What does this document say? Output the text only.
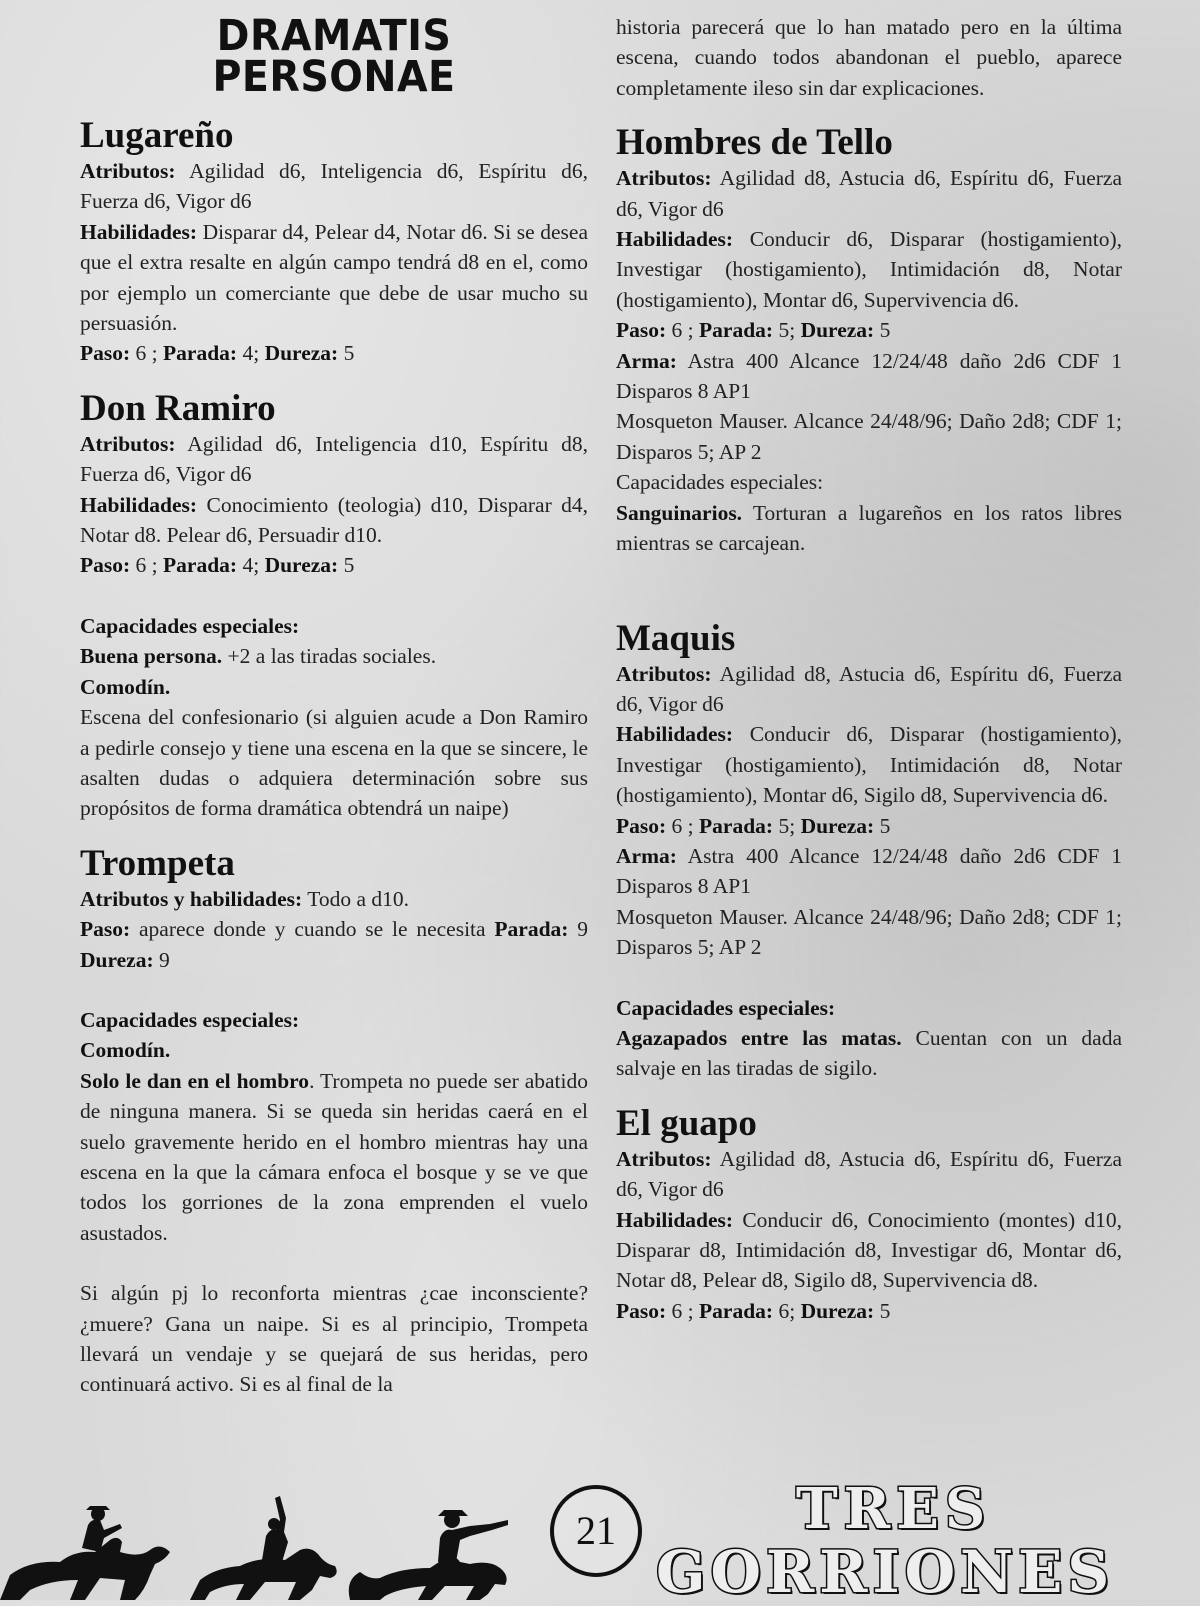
DRAMATIS
PERSONAE
Lugareño

Atributos: Agilidad d6, Inteligencia d6, Espíritu d6, Fuerza d6, Vigor d6

Habilidades: Disparar d4, Pelear d4, Notar d6. Si se desea que el extra resalte en algún campo tendrá d8 en el, como por ejemplo un comerciante que debe de usar mucho su persuasión.

Paso: 6 ; Parada: 4; Dureza: 5

Don Ramiro

Atributos: Agilidad d6, Inteligencia d10, Espíritu d8, Fuerza d6, Vigor d6

Habilidades: Conocimiento (teologia) d10, Disparar d4, Notar d8. Pelear d6, Persuadir d10.

Paso: 6 ; Parada: 4; Dureza: 5

Capacidades especiales:

Buena persona. +2 a las tiradas sociales.

Comodín.

Escena del confesionario (si alguien acude a Don Ramiro a pedirle consejo y tiene una escena en la que se sincere, le asalten dudas o adquiera determinación sobre sus propósitos de forma dramática obtendrá un naipe)

Trompeta

Atributos y habilidades: Todo a d10.

Paso: aparece donde y cuando se le necesita Parada: 9 Dureza: 9

Capacidades especiales:

Comodín.

Solo le dan en el hombro. Trompeta no puede ser abatido de ninguna manera. Si se queda sin heridas caerá en el suelo gravemente herido en el hombro mientras hay una escena en la que la cámara enfoca el bosque y se ve que todos los gorriones de la zona emprenden el vuelo asustados.

Si algún pj lo reconforta mientras ¿cae inconsciente? ¿muere? Gana un naipe. Si es al principio, Trompeta llevará un vendaje y se quejará de sus heridas, pero continuará activo. Si es al final de la

historia parecerá que lo han matado pero en la última escena, cuando todos abandonan el pueblo, aparece completamente ileso sin dar explicaciones.

Hombres de Tello

Atributos: Agilidad d8, Astucia d6, Espíritu d6, Fuerza d6, Vigor d6

Habilidades: Conducir d6, Disparar (hostigamiento), Investigar (hostigamiento), Intimidación d8, Notar (hostigamiento), Montar d6, Supervivencia d6.

Paso: 6 ; Parada: 5; Dureza: 5

Arma: Astra 400 Alcance 12/24/48 daño 2d6 CDF 1 Disparos 8 AP1

Mosqueton Mauser. Alcance 24/48/96; Daño 2d8; CDF 1; Disparos 5; AP 2

Capacidades especiales:

Sanguinarios. Torturan a lugareños en los ratos libres mientras se carcajean.

Maquis

Atributos: Agilidad d8, Astucia d6, Espíritu d6, Fuerza d6, Vigor d6

Habilidades: Conducir d6, Disparar (hostigamiento), Investigar (hostigamiento), Intimidación d8, Notar (hostigamiento), Montar d6, Sigilo d8, Supervivencia d6.

Paso: 6 ; Parada: 5; Dureza: 5

Arma: Astra 400 Alcance 12/24/48 daño 2d6 CDF 1 Disparos 8 AP1

Mosqueton Mauser. Alcance 24/48/96; Daño 2d8; CDF 1; Disparos 5; AP 2

Capacidades especiales:

Agazapados entre las matas. Cuentan con un dada salvaje en las tiradas de sigilo.

El guapo

Atributos: Agilidad d8, Astucia d6, Espíritu d6, Fuerza d6, Vigor d6

Habilidades: Conducir d6, Conocimiento (montes) d10, Disparar d8, Intimidación d8, Investigar d6, Montar d6, Notar d8, Pelear d8, Sigilo d8, Supervivencia d8.

Paso: 6 ; Parada: 6; Dureza: 5

21	TRES
GORRIONES
